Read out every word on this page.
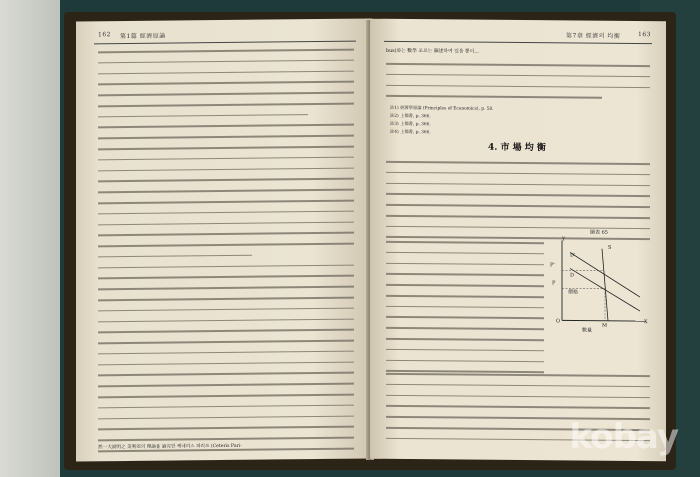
162 第1篇 經濟原論
然一大說明之 美利亞의 理論을 論究한 케네리스 파리쓰 (Ceteris Pari-
第7章 經濟의 均衡	163
bus)와는 數學 조로는 陳述하여 있을 뿐이...
註1) 經濟學原論 (Principles of Economics), p. 58.
註2) 上揭書, p. 366.
註3) 上揭書, p. 366.
註4) 上揭書, p. 366.
4. 市 場 均 衡
圖表 65
Y
P'
P
D'
D
S
O
M
X
價格
數量
kobay
